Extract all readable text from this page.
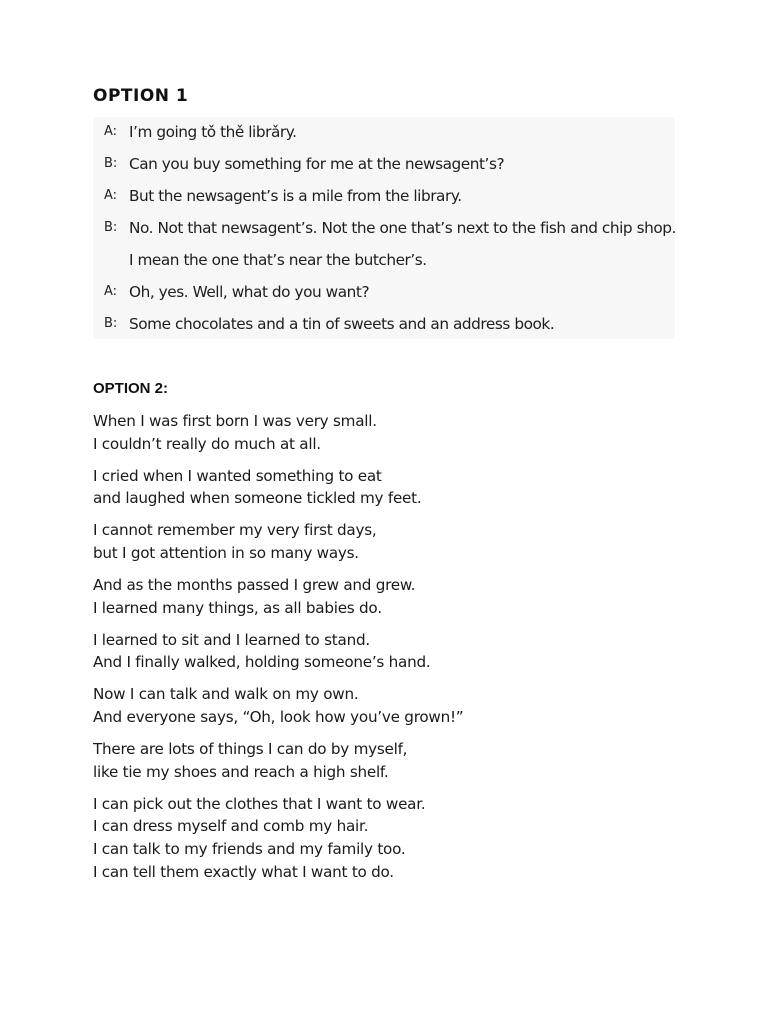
OPTION 1
A: I’m going tǒ thě librǎry.
B: Can you buy something for me at the newsagent’s?
A: But the newsagent’s is a mile from the library.
B: No. Not that newsagent’s. Not the one that’s next to the fish and chip shop.
I mean the one that’s near the butcher’s.
A: Oh, yes. Well, what do you want?
B: Some chocolates and a tin of sweets and an address book.
OPTION 2:

When I was first born I was very small.
I couldn’t really do much at all.

I cried when I wanted something to eat
and laughed when someone tickled my feet.

I cannot remember my very first days,
but I got attention in so many ways.

And as the months passed I grew and grew.
I learned many things, as all babies do.

I learned to sit and I learned to stand.
And I finally walked, holding someone’s hand.

Now I can talk and walk on my own.
And everyone says, “Oh, look how you’ve grown!”

There are lots of things I can do by myself,
like tie my shoes and reach a high shelf.

I can pick out the clothes that I want to wear.
I can dress myself and comb my hair.
I can talk to my friends and my family too.
I can tell them exactly what I want to do.
